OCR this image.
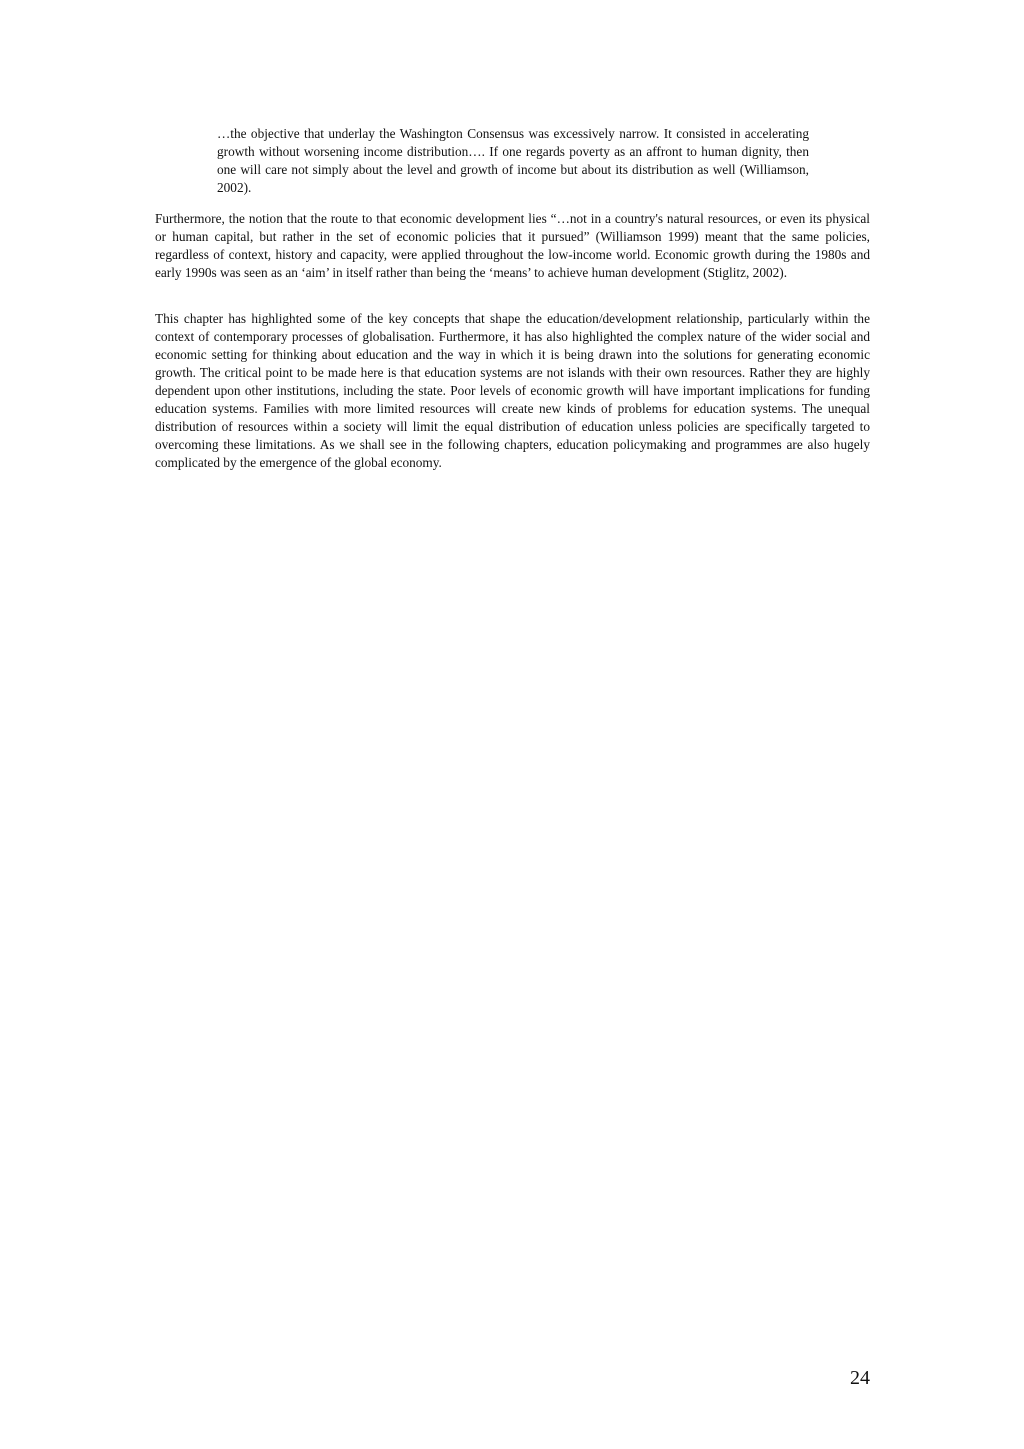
…the objective that underlay the Washington Consensus was excessively narrow. It consisted in accelerating growth without worsening income distribution…. If one regards poverty as an affront to human dignity, then one will care not simply about the level and growth of income but about its distribution as well (Williamson, 2002).

Furthermore, the notion that the route to that economic development lies “…not in a country's natural resources, or even its physical or human capital, but rather in the set of economic policies that it pursued” (Williamson 1999) meant that the same policies, regardless of context, history and capacity, were applied throughout the low-income world. Economic growth during the 1980s and early 1990s was seen as an ‘aim’ in itself rather than being the ‘means’ to achieve human development (Stiglitz, 2002).

This chapter has highlighted some of the key concepts that shape the education/development relationship, particularly within the context of contemporary processes of globalisation. Furthermore, it has also highlighted the complex nature of the wider social and economic setting for thinking about education and the way in which it is being drawn into the solutions for generating economic growth. The critical point to be made here is that education systems are not islands with their own resources. Rather they are highly dependent upon other institutions, including the state. Poor levels of economic growth will have important implications for funding education systems. Families with more limited resources will create new kinds of problems for education systems. The unequal distribution of resources within a society will limit the equal distribution of education unless policies are specifically targeted to overcoming these limitations. As we shall see in the following chapters, education policymaking and programmes are also hugely complicated by the emergence of the global economy.

24
